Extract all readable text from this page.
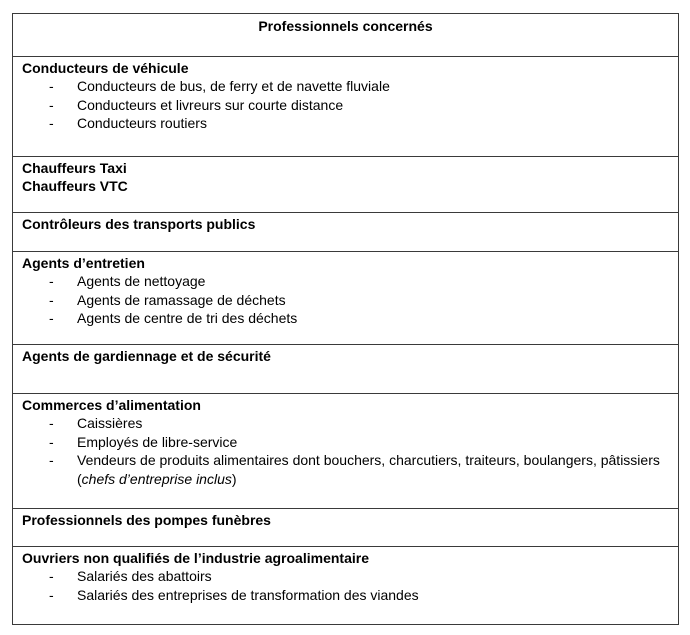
Professionnels concernés

Conducteurs de véhicule

- Conducteurs de bus, de ferry et de navette fluviale
- Conducteurs et livreurs sur courte distance
- Conducteurs routiers

Chauffeurs Taxi

Chauffeurs VTC

Contrôleurs des transports publics

Agents d’entretien

- Agents de nettoyage
- Agents de ramassage de déchets
- Agents de centre de tri des déchets

Agents de gardiennage et de sécurité

Commerces d’alimentation

- Caissières
- Employés de libre-service
- Vendeurs de produits alimentaires dont bouchers, charcutiers, traiteurs, boulangers, pâtissiers (chefs d’entreprise inclus)

Professionnels des pompes funèbres

Ouvriers non qualifiés de l’industrie agroalimentaire

- Salariés des abattoirs
- Salariés des entreprises de transformation des viandes
